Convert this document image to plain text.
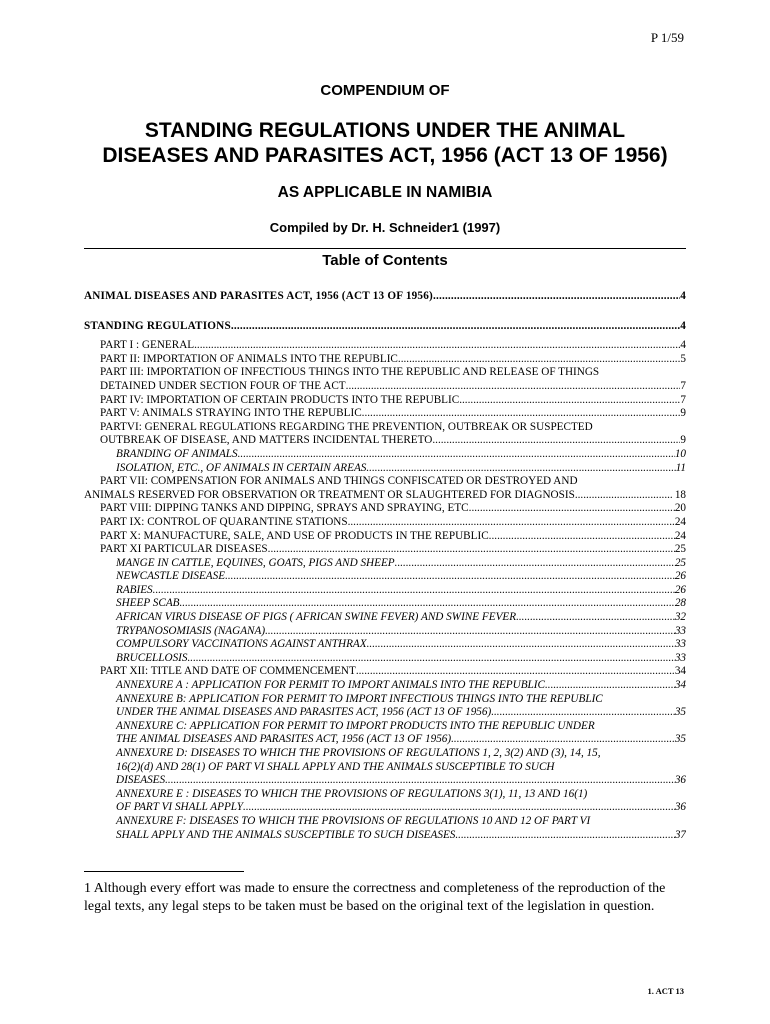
P 1/59
COMPENDIUM OF
STANDING REGULATIONS UNDER THE ANIMAL
DISEASES AND PARASITES ACT, 1956 (ACT 13 OF 1956)
AS APPLICABLE IN NAMIBIA
Compiled by Dr. H. Schneider1 (1997)
Table of Contents
ANIMAL DISEASES AND PARASITES ACT, 1956 (ACT 13 OF 1956) .....	4
STANDING REGULATIONS .....	4
PART I : GENERAL. .....	4
PART II: IMPORTATION OF ANIMALS INTO THE REPUBLIC .....	5
PART III: IMPORTATION OF INFECTIOUS THINGS INTO THE REPUBLIC AND RELEASE OF THINGS
DETAINED UNDER SECTION FOUR OF THE ACT .....	7
PART IV: IMPORTATION OF CERTAIN PRODUCTS INTO THE REPUBLIC .....	7
PART V: ANIMALS STRAYING INTO THE REPUBLIC. .....	9
PARTVI: GENERAL REGULATIONS REGARDING THE PREVENTION, OUTBREAK OR SUSPECTED
OUTBREAK OF DISEASE, AND MATTERS INCIDENTAL THERETO. .....	9
BRANDING OF ANIMALS .....	10
ISOLATION, ETC., OF ANIMALS IN CERTAIN AREAS .....	11
PART VII: COMPENSATION FOR ANIMALS AND THINGS CONFISCATED OR DESTROYED AND
ANIMALS RESERVED FOR OBSERVATION OR TREATMENT OR SLAUGHTERED FOR DIAGNOSIS .....	18
PART VIII: DIPPING TANKS AND DIPPING, SPRAYS AND SPRAYING, ETC. .....	20
PART IX: CONTROL OF QUARANTINE STATIONS. .....	24
PART X: MANUFACTURE, SALE, AND USE OF PRODUCTS IN THE REPUBLIC. .....	24
PART XI PARTICULAR DISEASES .....	25
MANGE IN CATTLE, EQUINES, GOATS, PIGS AND SHEEP .....	25
NEWCASTLE DISEASE .....	26
RABIES .....	26
SHEEP SCAB .....	28
AFRICAN VIRUS DISEASE OF PIGS ( AFRICAN SWINE FEVER) AND SWINE FEVER. .....	32
TRYPANOSOMIASIS (NAGANA) .....	33
COMPULSORY VACCINATIONS AGAINST ANTHRAX .....	33
BRUCELLOSIS .....	33
PART XII: TITLE AND DATE OF COMMENCEMENT .....	34
ANNEXURE A : APPLICATION FOR PERMIT TO IMPORT ANIMALS INTO THE REPUBLIC .....	34
ANNEXURE B: APPLICATION FOR PERMIT TO IMPORT INFECTIOUS THINGS INTO THE REPUBLIC
UNDER THE ANIMAL DISEASES AND PARASITES ACT, 1956 (ACT 13 OF 1956). .....	35
ANNEXURE C: APPLICATION FOR PERMIT TO IMPORT PRODUCTS INTO THE REPUBLIC UNDER
THE ANIMAL DISEASES AND PARASITES ACT, 1956 (ACT 13 OF 1956). .....	35
ANNEXURE D: DISEASES TO WHICH THE PROVISIONS OF REGULATIONS 1, 2, 3(2) AND (3), 14, 15,
16(2)(d) AND 28(1) OF PART VI SHALL APPLY AND THE ANIMALS SUSCEPTIBLE TO SUCH
DISEASES .....	36
ANNEXURE E : DISEASES TO WHICH THE PROVISIONS OF REGULATIONS 3(1), 11, 13 AND 16(1)
OF PART VI SHALL APPLY .....	36
ANNEXURE F: DISEASES TO WHICH THE PROVISIONS OF REGULATIONS 10 AND 12 OF PART VI
SHALL APPLY AND THE ANIMALS SUSCEPTIBLE TO SUCH DISEASES .....	37
1 Although every effort was made to ensure the correctness and completeness of the reproduction of the legal texts, any legal steps to be taken must be based on the original text of the legislation in question.
1. ACT 13
